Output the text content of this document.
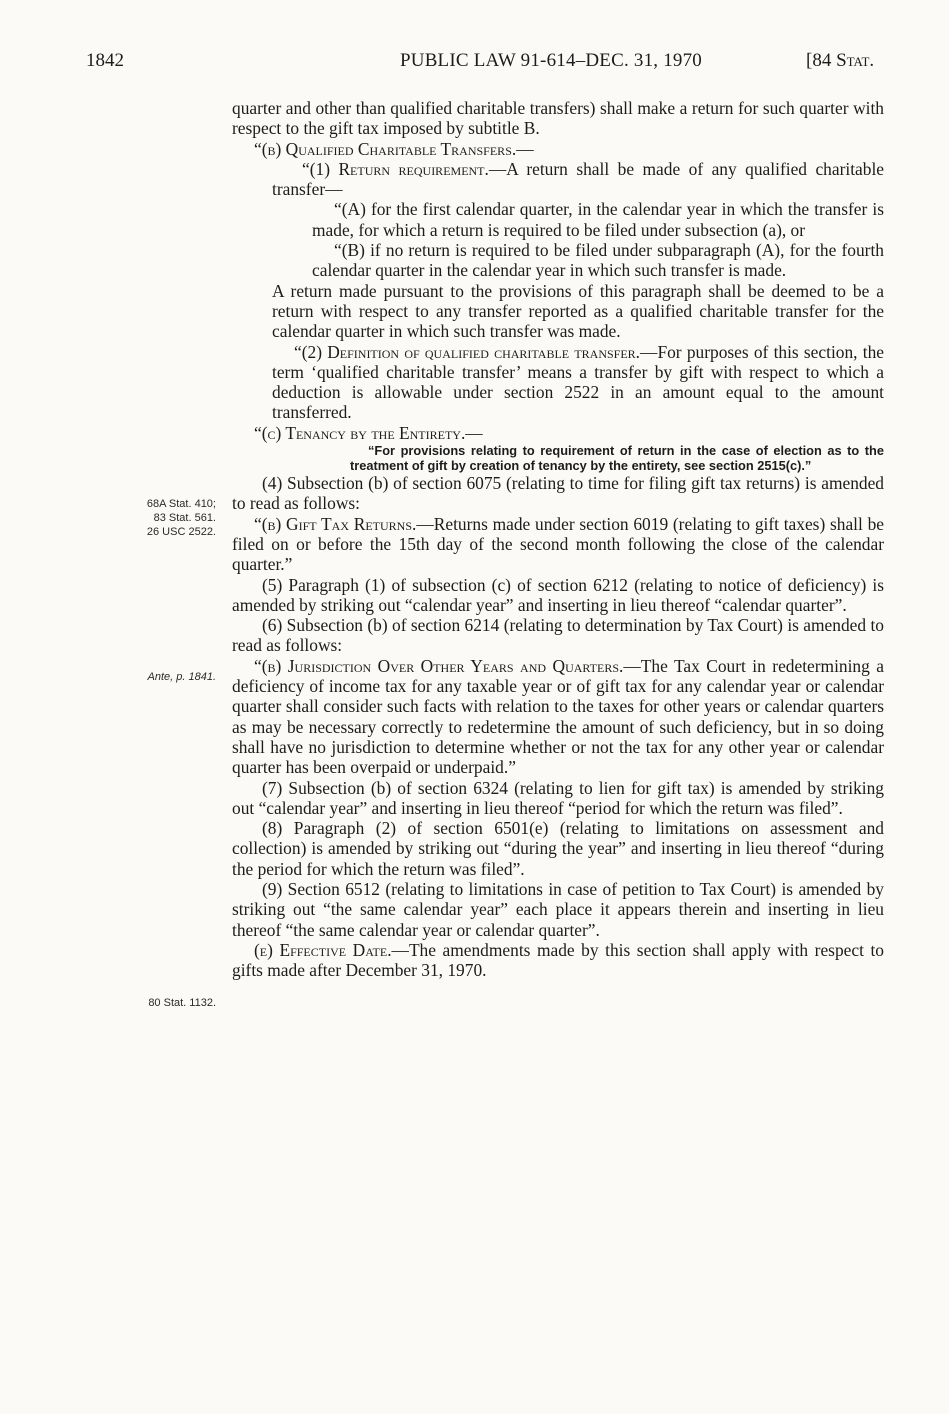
1842	PUBLIC LAW 91-614–DEC. 31, 1970	[84 Stat.
68A Stat. 410;
83 Stat. 561.
26 USC 2522.
Ante, p. 1841.
80 Stat. 1132.

quarter and other than qualified charitable transfers) shall make a return for such quarter with respect to the gift tax imposed by subtitle B.

“(b) Qualified Charitable Transfers.—

“(1) Return requirement.—A return shall be made of any qualified charitable transfer—

“(A) for the first calendar quarter, in the calendar year in which the transfer is made, for which a return is required to be filed under subsection (a), or

“(B) if no return is required to be filed under subparagraph (A), for the fourth calendar quarter in the calendar year in which such transfer is made.

A return made pursuant to the provisions of this paragraph shall be deemed to be a return with respect to any transfer reported as a qualified charitable transfer for the calendar quarter in which such transfer was made.

“(2) Definition of qualified charitable transfer.—For purposes of this section, the term ‘qualified charitable transfer’ means a transfer by gift with respect to which a deduction is allowable under section 2522 in an amount equal to the amount transferred.

“(c) Tenancy by the Entirety.—

“For provisions relating to requirement of return in the case of election as to the treatment of gift by creation of tenancy by the entirety, see section 2515(c).”

(4) Subsection (b) of section 6075 (relating to time for filing gift tax returns) is amended to read as follows:

“(b) Gift Tax Returns.—Returns made under section 6019 (relating to gift taxes) shall be filed on or before the 15th day of the second month following the close of the calendar quarter.”

(5) Paragraph (1) of subsection (c) of section 6212 (relating to notice of deficiency) is amended by striking out “calendar year” and inserting in lieu thereof “calendar quarter”.

(6) Subsection (b) of section 6214 (relating to determination by Tax Court) is amended to read as follows:

“(b) Jurisdiction Over Other Years and Quarters.—The Tax Court in redetermining a deficiency of income tax for any taxable year or of gift tax for any calendar year or calendar quarter shall consider such facts with relation to the taxes for other years or calendar quarters as may be necessary correctly to redetermine the amount of such deficiency, but in so doing shall have no jurisdiction to determine whether or not the tax for any other year or calendar quarter has been overpaid or underpaid.”

(7) Subsection (b) of section 6324 (relating to lien for gift tax) is amended by striking out “calendar year” and inserting in lieu thereof “period for which the return was filed”.

(8) Paragraph (2) of section 6501(e) (relating to limitations on assessment and collection) is amended by striking out “during the year” and inserting in lieu thereof “during the period for which the return was filed”.

(9) Section 6512 (relating to limitations in case of petition to Tax Court) is amended by striking out “the same calendar year” each place it appears therein and inserting in lieu thereof “the same calendar year or calendar quarter”.

(e) Effective Date.—The amendments made by this section shall apply with respect to gifts made after December 31, 1970.
